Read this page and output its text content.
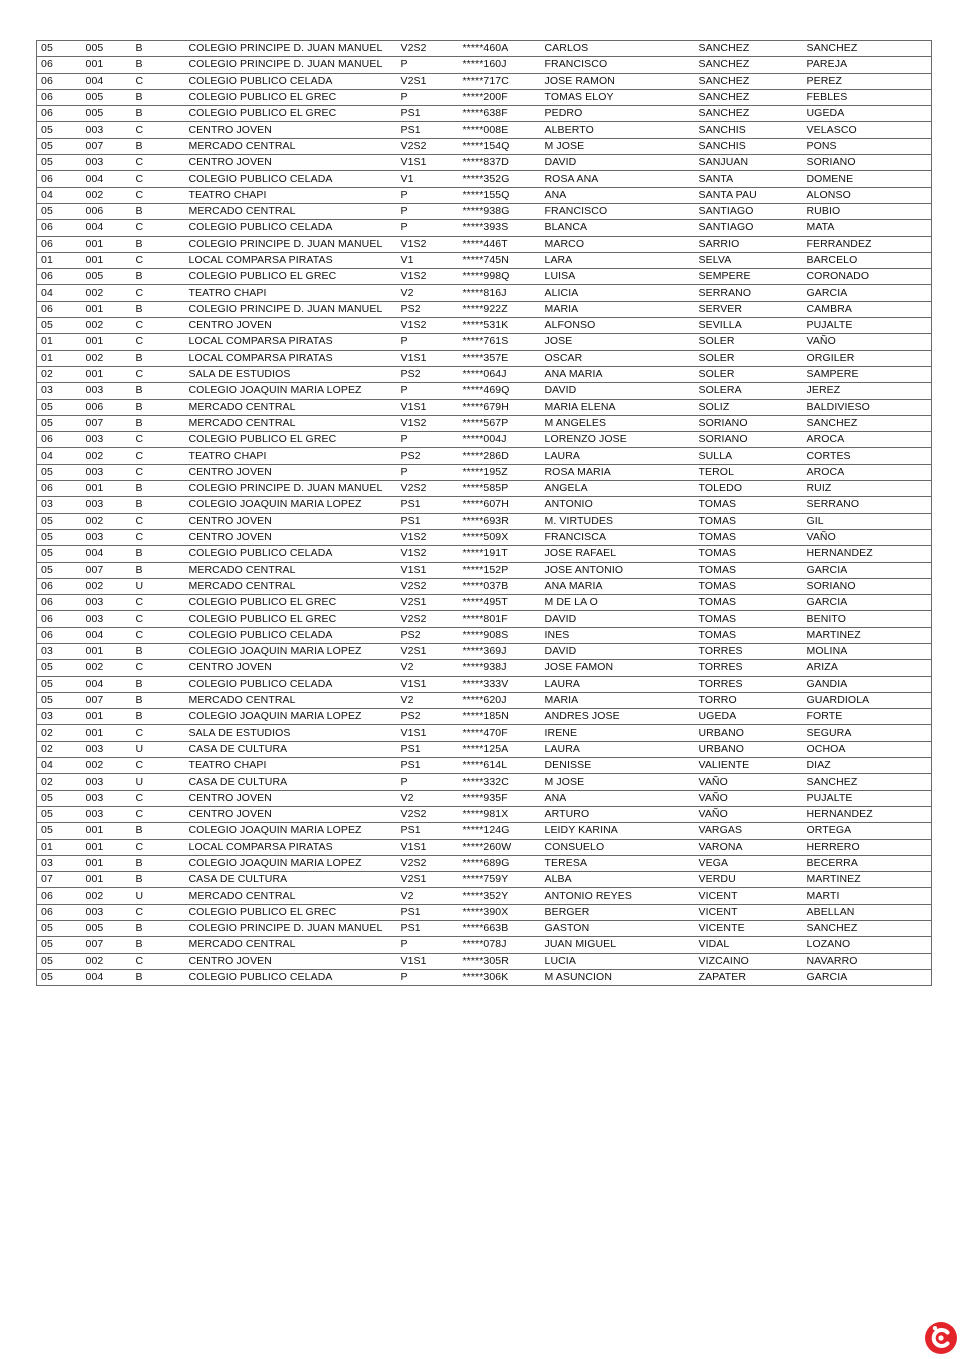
05	005	B	COLEGIO PRINCIPE D. JUAN MANUEL	V2S2	*****460A	CARLOS	SANCHEZ	SANCHEZ
06	001	B	COLEGIO PRINCIPE D. JUAN MANUEL	P	*****160J	FRANCISCO	SANCHEZ	PAREJA
06	004	C	COLEGIO PUBLICO CELADA	V2S1	*****717C	JOSE RAMON	SANCHEZ	PEREZ
06	005	B	COLEGIO PUBLICO EL GREC	P	*****200F	TOMAS ELOY	SANCHEZ	FEBLES
06	005	B	COLEGIO PUBLICO EL GREC	PS1	*****638F	PEDRO	SANCHEZ	UGEDA
05	003	C	CENTRO JOVEN	PS1	*****008E	ALBERTO	SANCHIS	VELASCO
05	007	B	MERCADO CENTRAL	V2S2	*****154Q	M JOSE	SANCHIS	PONS
05	003	C	CENTRO JOVEN	V1S1	*****837D	DAVID	SANJUAN	SORIANO
06	004	C	COLEGIO PUBLICO CELADA	V1	*****352G	ROSA ANA	SANTA	DOMENE
04	002	C	TEATRO CHAPI	P	*****155Q	ANA	SANTA PAU	ALONSO
05	006	B	MERCADO CENTRAL	P	*****938G	FRANCISCO	SANTIAGO	RUBIO
06	004	C	COLEGIO PUBLICO CELADA	P	*****393S	BLANCA	SANTIAGO	MATA
06	001	B	COLEGIO PRINCIPE D. JUAN MANUEL	V1S2	*****446T	MARCO	SARRIO	FERRANDEZ
01	001	C	LOCAL COMPARSA PIRATAS	V1	*****745N	LARA	SELVA	BARCELO
06	005	B	COLEGIO PUBLICO EL GREC	V1S2	*****998Q	LUISA	SEMPERE	CORONADO
04	002	C	TEATRO CHAPI	V2	*****816J	ALICIA	SERRANO	GARCIA
06	001	B	COLEGIO PRINCIPE D. JUAN MANUEL	PS2	*****922Z	MARIA	SERVER	CAMBRA
05	002	C	CENTRO JOVEN	V1S2	*****531K	ALFONSO	SEVILLA	PUJALTE
01	001	C	LOCAL COMPARSA PIRATAS	P	*****761S	JOSE	SOLER	VAÑO
01	002	B	LOCAL COMPARSA PIRATAS	V1S1	*****357E	OSCAR	SOLER	ORGILER
02	001	C	SALA DE ESTUDIOS	PS2	*****064J	ANA MARIA	SOLER	SAMPERE
03	003	B	COLEGIO JOAQUIN MARIA LOPEZ	P	*****469Q	DAVID	SOLERA	JEREZ
05	006	B	MERCADO CENTRAL	V1S1	*****679H	MARIA ELENA	SOLIZ	BALDIVIESO
05	007	B	MERCADO CENTRAL	V1S2	*****567P	M ANGELES	SORIANO	SANCHEZ
06	003	C	COLEGIO PUBLICO EL GREC	P	*****004J	LORENZO JOSE	SORIANO	AROCA
04	002	C	TEATRO CHAPI	PS2	*****286D	LAURA	SULLA	CORTES
05	003	C	CENTRO JOVEN	P	*****195Z	ROSA MARIA	TEROL	AROCA
06	001	B	COLEGIO PRINCIPE D. JUAN MANUEL	V2S2	*****585P	ANGELA	TOLEDO	RUIZ
03	003	B	COLEGIO JOAQUIN MARIA LOPEZ	PS1	*****607H	ANTONIO	TOMAS	SERRANO
05	002	C	CENTRO JOVEN	PS1	*****693R	M. VIRTUDES	TOMAS	GIL
05	003	C	CENTRO JOVEN	V1S2	*****509X	FRANCISCA	TOMAS	VAÑO
05	004	B	COLEGIO PUBLICO CELADA	V1S2	*****191T	JOSE RAFAEL	TOMAS	HERNANDEZ
05	007	B	MERCADO CENTRAL	V1S1	*****152P	JOSE ANTONIO	TOMAS	GARCIA
06	002	U	MERCADO CENTRAL	V2S2	*****037B	ANA MARIA	TOMAS	SORIANO
06	003	C	COLEGIO PUBLICO EL GREC	V2S1	*****495T	M DE LA O	TOMAS	GARCIA
06	003	C	COLEGIO PUBLICO EL GREC	V2S2	*****801F	DAVID	TOMAS	BENITO
06	004	C	COLEGIO PUBLICO CELADA	PS2	*****908S	INES	TOMAS	MARTINEZ
03	001	B	COLEGIO JOAQUIN MARIA LOPEZ	V2S1	*****369J	DAVID	TORRES	MOLINA
05	002	C	CENTRO JOVEN	V2	*****938J	JOSE FAMON	TORRES	ARIZA
05	004	B	COLEGIO PUBLICO CELADA	V1S1	*****333V	LAURA	TORRES	GANDIA
05	007	B	MERCADO CENTRAL	V2	*****620J	MARIA	TORRO	GUARDIOLA
03	001	B	COLEGIO JOAQUIN MARIA LOPEZ	PS2	*****185N	ANDRES JOSE	UGEDA	FORTE
02	001	C	SALA DE ESTUDIOS	V1S1	*****470F	IRENE	URBANO	SEGURA
02	003	U	CASA DE CULTURA	PS1	*****125A	LAURA	URBANO	OCHOA
04	002	C	TEATRO CHAPI	PS1	*****614L	DENISSE	VALIENTE	DIAZ
02	003	U	CASA DE CULTURA	P	*****332C	M JOSE	VAÑO	SANCHEZ
05	003	C	CENTRO JOVEN	V2	*****935F	ANA	VAÑO	PUJALTE
05	003	C	CENTRO JOVEN	V2S2	*****981X	ARTURO	VAÑO	HERNANDEZ
05	001	B	COLEGIO JOAQUIN MARIA LOPEZ	PS1	*****124G	LEIDY KARINA	VARGAS	ORTEGA
01	001	C	LOCAL COMPARSA PIRATAS	V1S1	*****260W	CONSUELO	VARONA	HERRERO
03	001	B	COLEGIO JOAQUIN MARIA LOPEZ	V2S2	*****689G	TERESA	VEGA	BECERRA
07	001	B	CASA DE CULTURA	V2S1	*****759Y	ALBA	VERDU	MARTINEZ
06	002	U	MERCADO CENTRAL	V2	*****352Y	ANTONIO REYES	VICENT	MARTI
06	003	C	COLEGIO PUBLICO EL GREC	PS1	*****390X	BERGER	VICENT	ABELLAN
05	005	B	COLEGIO PRINCIPE D. JUAN MANUEL	PS1	*****663B	GASTON	VICENTE	SANCHEZ
05	007	B	MERCADO CENTRAL	P	*****078J	JUAN MIGUEL	VIDAL	LOZANO
05	002	C	CENTRO JOVEN	V1S1	*****305R	LUCIA	VIZCAINO	NAVARRO
05	004	B	COLEGIO PUBLICO CELADA	P	*****306K	M ASUNCION	ZAPATER	GARCIA
